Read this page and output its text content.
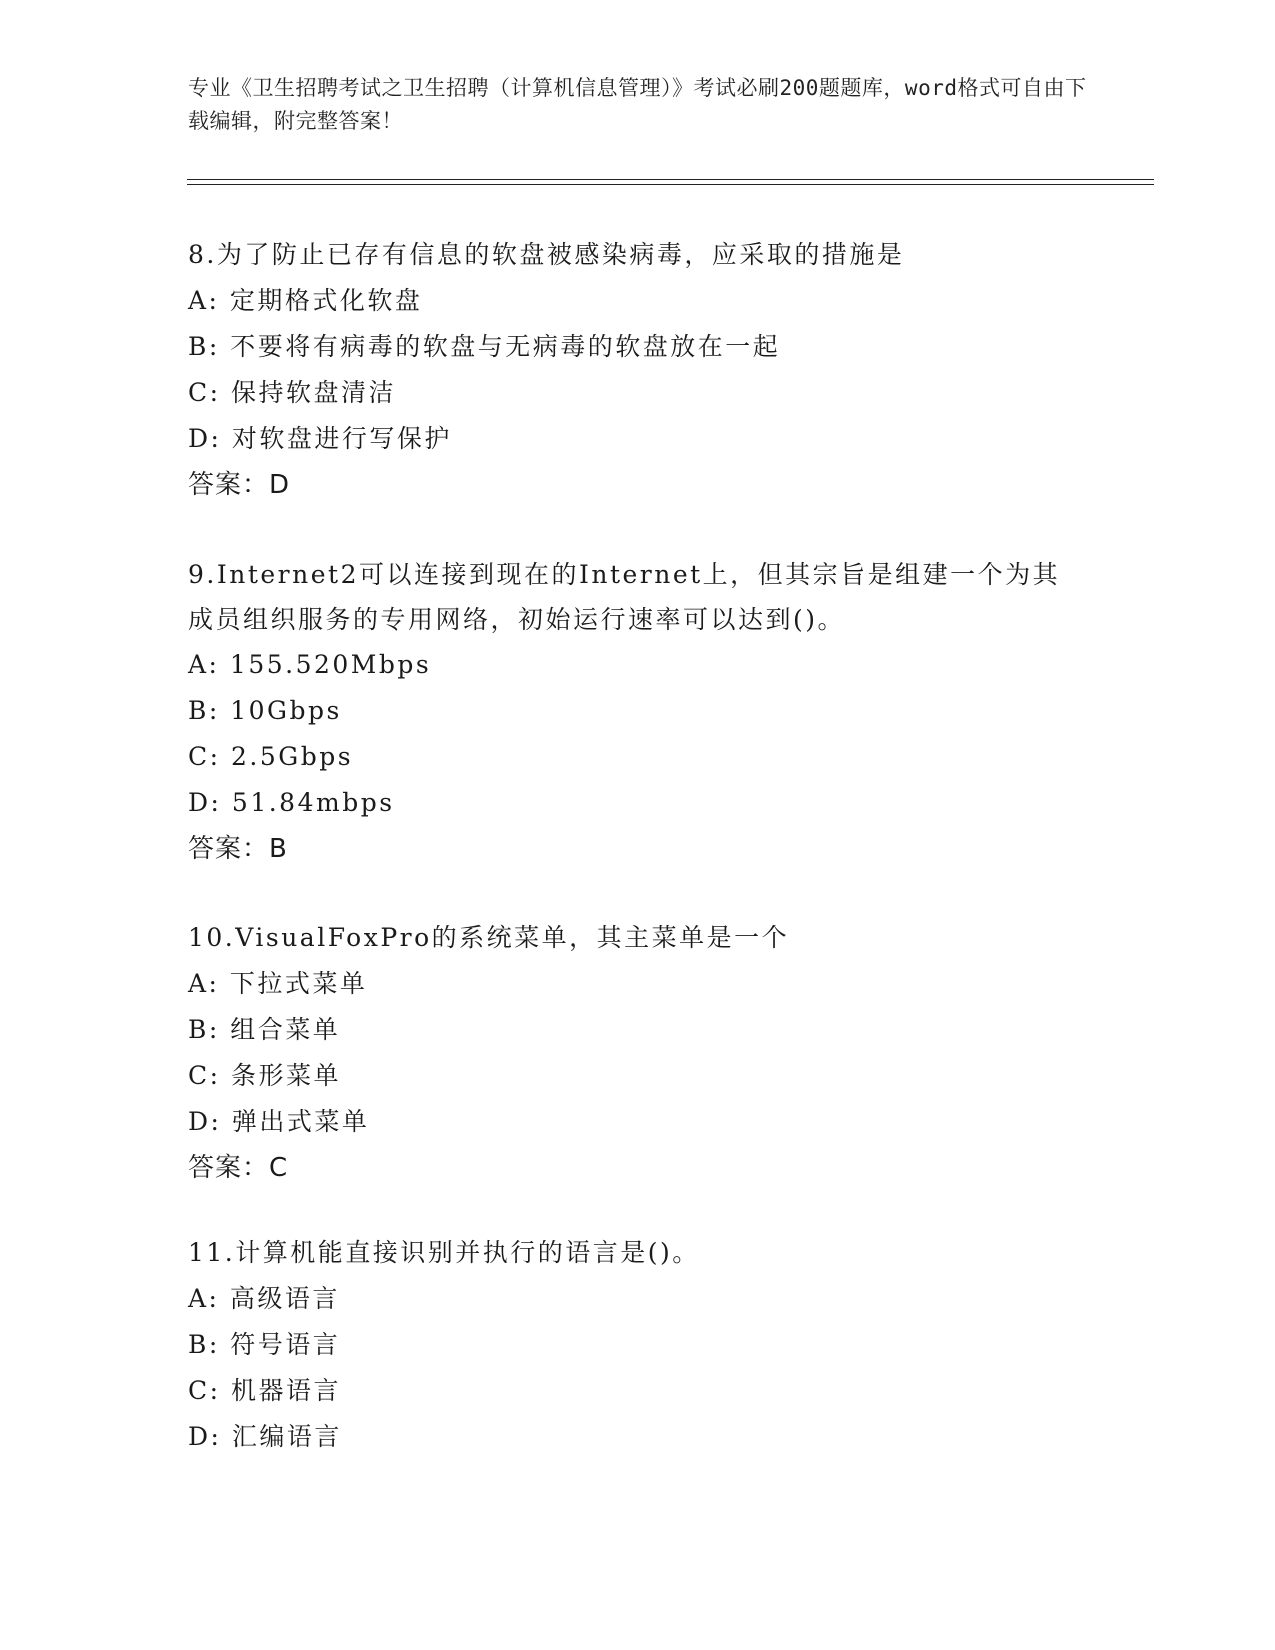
专业《卫生招聘考试之卫生招聘（计算机信息管理）》考试必刷200题题库，word格式可自由下载编辑，附完整答案！
8.为了防止已存有信息的软盘被感染病毒，应采取的措施是
A: 定期格式化软盘
B: 不要将有病毒的软盘与无病毒的软盘放在一起
C: 保持软盘清洁
D: 对软盘进行写保护
答案：D
9.Internet2可以连接到现在的Internet上，但其宗旨是组建一个为其成员组织服务的专用网络，初始运行速率可以达到()。
A: 155.520Mbps
B: 10Gbps
C: 2.5Gbps
D: 51.84mbps
答案：B
10.VisualFoxPro的系统菜单，其主菜单是一个
A: 下拉式菜单
B: 组合菜单
C: 条形菜单
D: 弹出式菜单
答案：C
11.计算机能直接识别并执行的语言是()。
A: 高级语言
B: 符号语言
C: 机器语言
D: 汇编语言
